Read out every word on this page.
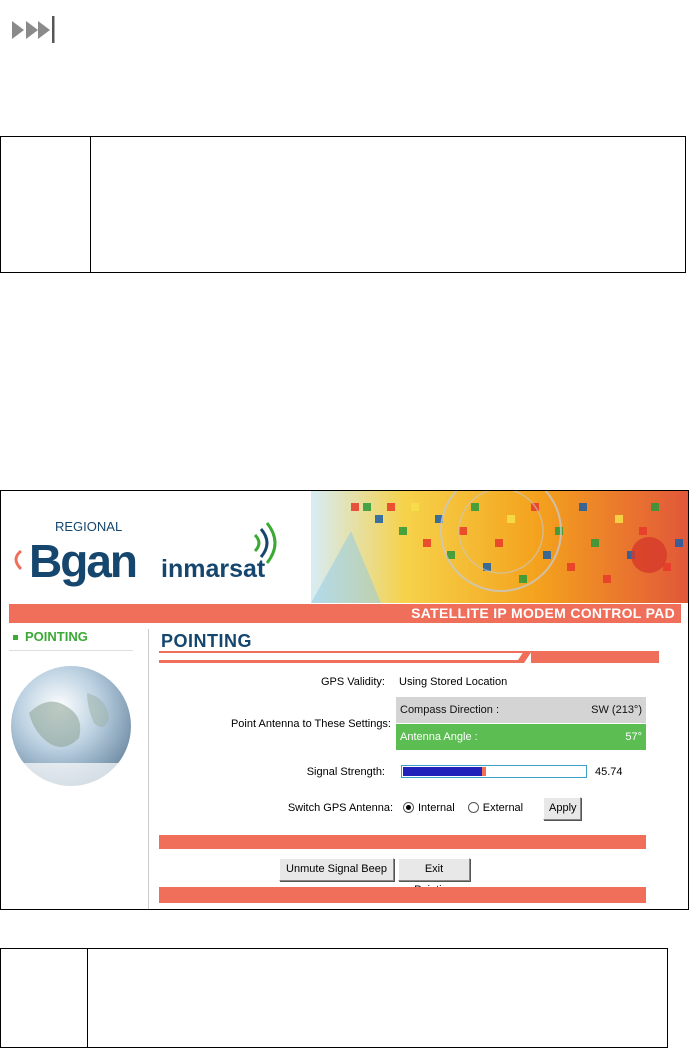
REGIONAL
Bgan inmarsat
SATELLITE IP MODEM CONTROL PAD
POINTING	POINTING
GPS Validity: Using Stored Location
Point Antenna to These Settings:
Compass Direction :	SW (213°)
Antenna Angle :	57°
Signal Strength:	45.74
Switch GPS Antenna:	Internal	External	Apply
Unmute Signal Beep	Exit
